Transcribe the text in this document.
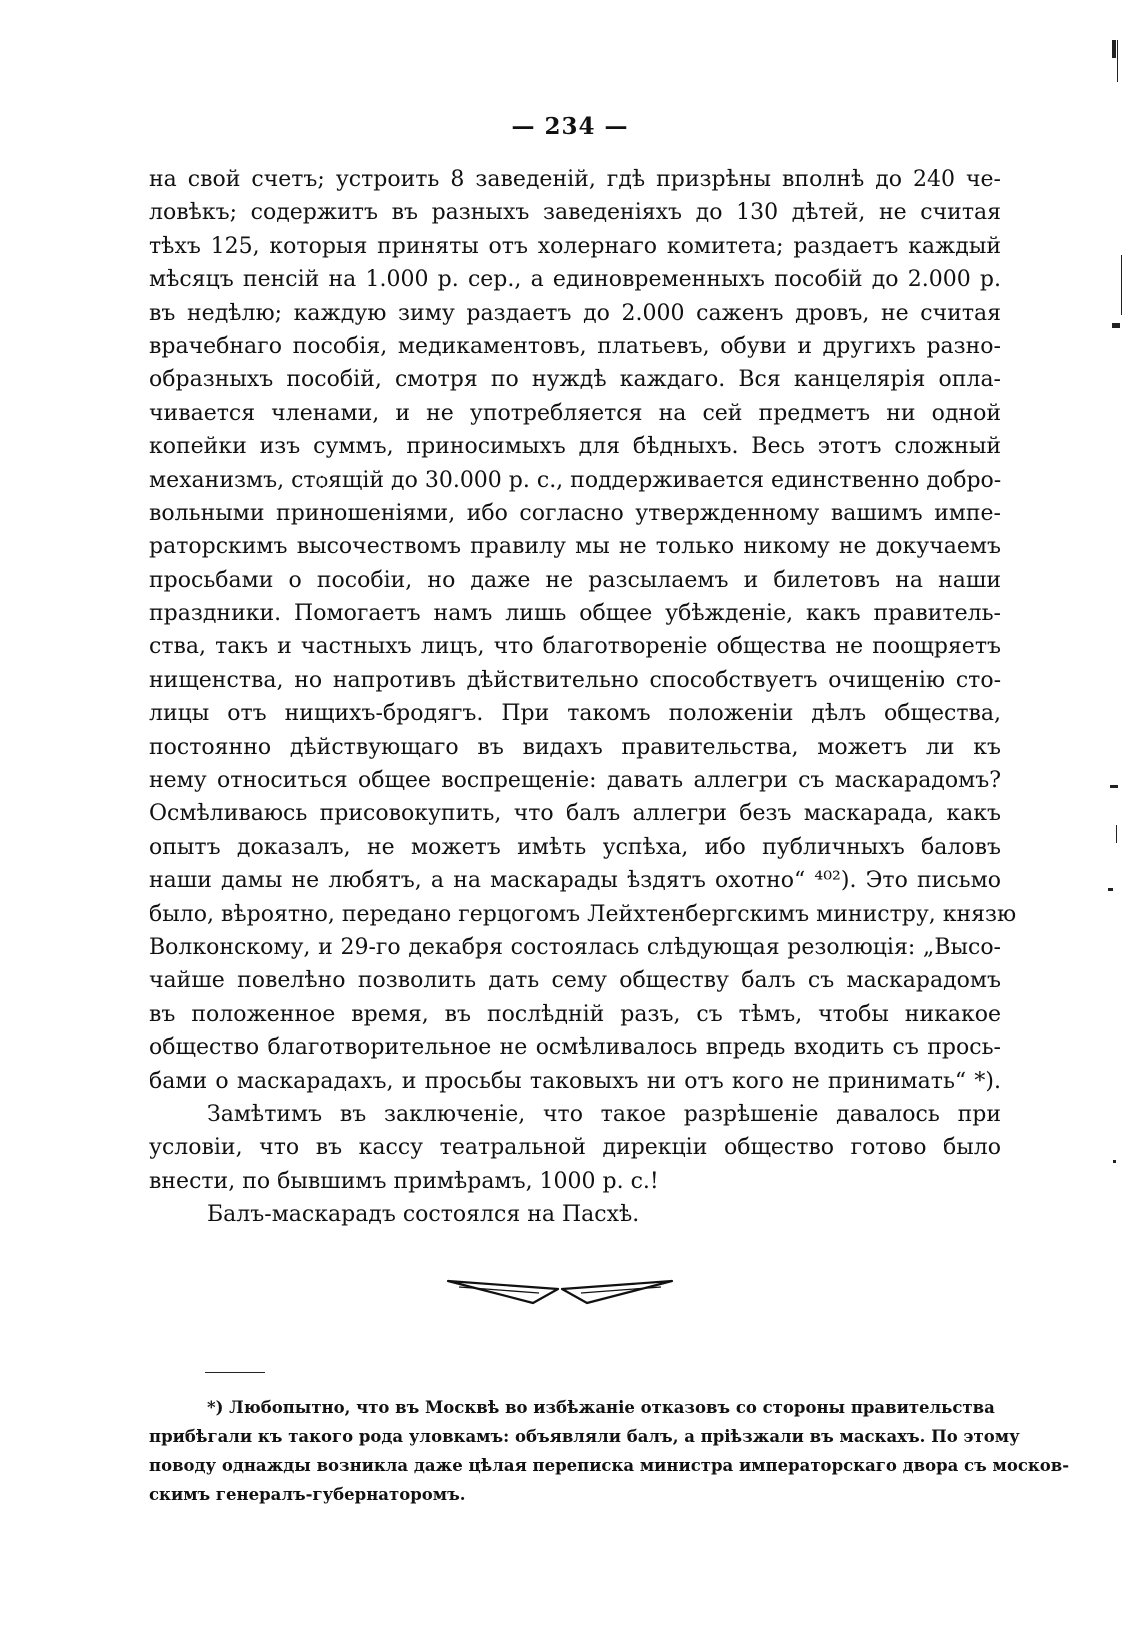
— 234 —
на свой счетъ; устроить 8 заведеній, гдѣ призрѣны вполнѣ до 240 че-
ловѣкъ; содержитъ въ разныхъ заведеніяхъ до 130 дѣтей, не считая
тѣхъ 125, которыя приняты отъ холернаго комитета; раздаетъ каждый
мѣсяцъ пенсій на 1.000 р. сер., а единовременныхъ пособій до 2.000 р.
въ недѣлю; каждую зиму раздаетъ до 2.000 саженъ дровъ, не считая
врачебнаго пособія, медикаментовъ, платьевъ, обуви и другихъ разно-
образныхъ пособій, смотря по нуждѣ каждаго. Вся канцелярія опла-
чивается членами, и не употребляется на сей предметъ ни одной
копейки изъ суммъ, приносимыхъ для бѣдныхъ. Весь этотъ сложный
механизмъ, стѻящій до 30.000 р. с., поддерживается единственно добро-
вольными приношеніями, ибо согласно утвержденному вашимъ импе-
раторскимъ высочествомъ правилу мы не только никому не докучаемъ
просьбами о пособіи, но даже не разсылаемъ и билетовъ на наши
праздники. Помогаетъ намъ лишь общее убѣжденіе, какъ правитель-
ства, такъ и частныхъ лицъ, что благотвореніе общества не поощряетъ
нищенства, но напротивъ дѣйствительно способствуетъ очищенію сто-
лицы отъ нищихъ-бродягъ. При такомъ положеніи дѣлъ общества,
постоянно дѣйствующаго въ видахъ правительства, можетъ ли къ
нему относиться общее воспрещеніе: давать аллегри съ маскарадомъ?
Осмѣливаюсь присовокупить, что балъ аллегри безъ маскарада, какъ
опытъ доказалъ, не можетъ имѣть успѣха, ибо публичныхъ баловъ
наши дамы не любятъ, а на маскарады ѣздятъ охотно“ ⁴⁰²). Это письмо
было, вѣроятно, передано герцогомъ Лейхтенбергскимъ министру, князю
Волконскому, и 29-го декабря состоялась слѣдующая резолюція: „Высо-
чайше повелѣно позволить дать сему обществу балъ съ маскарадомъ
въ положенное время, въ послѣдній разъ, съ тѣмъ, чтобы никакое
общество благотворительное не осмѣливалось впредь входить съ прось-
бами о маскарадахъ, и просьбы таковыхъ ни отъ кого не принимать“ *).
Замѣтимъ въ заключеніе, что такое разрѣшеніе давалось при
условіи, что въ кассу театральной дирекціи общество готово было
внести, по бывшимъ примѣрамъ, 1000 р. с.!
Балъ-маскарадъ состоялся на Пасхѣ.
*) Любопытно, что въ Москвѣ во избѣжаніе отказовъ со стороны правительства
прибѣгали къ такого рода уловкамъ: объявляли балъ, а пріѣзжали въ маскахъ. По этому
поводу однажды возникла даже цѣлая переписка министра императорскаго двора съ москов-
скимъ генералъ-губернаторомъ.
